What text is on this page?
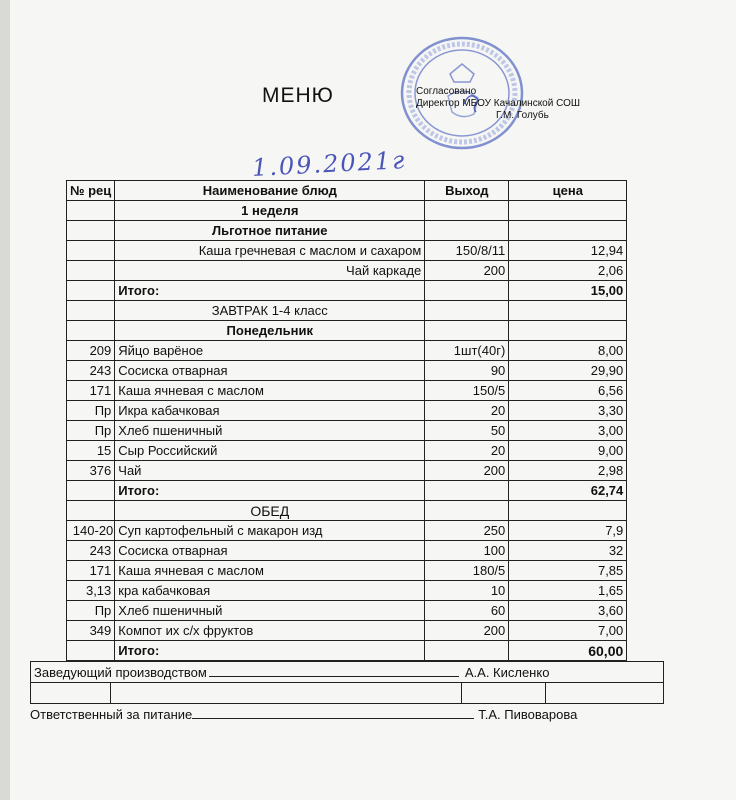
МЕНЮ	Согласовано
Директор МБОУ Качалинской СОШ
Г.М. Голубь
1.09.2021г
№ рец	Наименование блюд	Выход	цена
	1 неделя		
	Льготное питание		
	Каша гречневая с маслом и сахаром	150/8/11	12,94
	Чай каркаде	200	2,06
	Итого:		15,00
	ЗАВТРАК 1-4 класс		
	Понедельник		
209	Яйцо варёное	1шт(40г)	8,00
243	Сосиска отварная	90	29,90
171	Каша ячневая с маслом	150/5	6,56
Пр	Икра кабачковая	20	3,30
Пр	Хлеб пшеничный	50	3,00
15	Сыр Российский	20	9,00
376	Чай	200	2,98
	Итого:		62,74
	ОБЕД		
140-20	Суп картофельный с макарон изд	250	7,9
243	Сосиска отварная	100	32
171	Каша ячневая с маслом	180/5	7,85
3,13	кра кабачковая	10	1,65
Пр	Хлеб пшеничный	60	3,60
349	Компот их с/х фруктов	200	7,00
	Итого:		60,00
Заведующий производством		А.А. Кисленко	

Ответственный за питание	Т.А. Пивоварова
